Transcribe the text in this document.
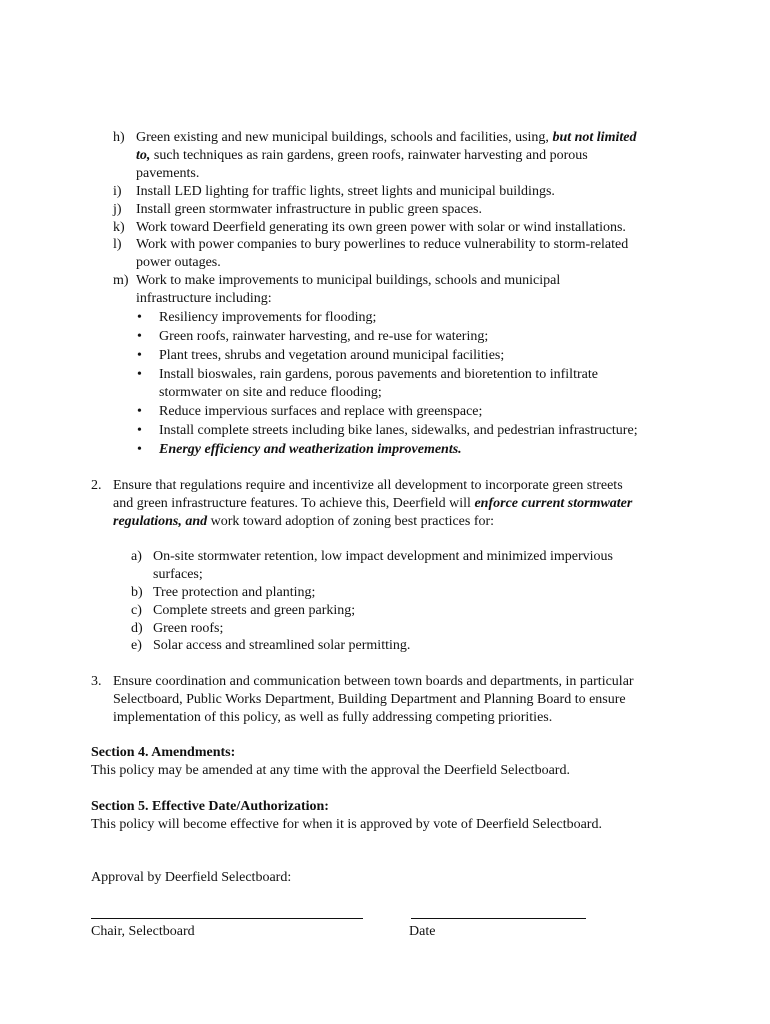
h) Green existing and new municipal buildings, schools and facilities, using, but not limited
to, such techniques as rain gardens, green roofs, rainwater harvesting and porous
pavements.
i) Install LED lighting for traffic lights, street lights and municipal buildings.
j) Install green stormwater infrastructure in public green spaces.
k) Work toward Deerfield generating its own green power with solar or wind installations.
l) Work with power companies to bury powerlines to reduce vulnerability to storm-related
power outages.
m) Work to make improvements to municipal buildings, schools and municipal
infrastructure including:
• Resiliency improvements for flooding;
• Green roofs, rainwater harvesting, and re-use for watering;
• Plant trees, shrubs and vegetation around municipal facilities;
• Install bioswales, rain gardens, porous pavements and bioretention to infiltrate
stormwater on site and reduce flooding;
• Reduce impervious surfaces and replace with greenspace;
• Install complete streets including bike lanes, sidewalks, and pedestrian infrastructure;
• Energy efficiency and weatherization improvements.
2. Ensure that regulations require and incentivize all development to incorporate green streets
and green infrastructure features. To achieve this, Deerfield will enforce current stormwater
regulations, and work toward adoption of zoning best practices for:
a) On-site stormwater retention, low impact development and minimized impervious
surfaces;
b) Tree protection and planting;
c) Complete streets and green parking;
d) Green roofs;
e) Solar access and streamlined solar permitting.
3. Ensure coordination and communication between town boards and departments, in particular
Selectboard, Public Works Department, Building Department and Planning Board to ensure
implementation of this policy, as well as fully addressing competing priorities.
Section 4. Amendments:
This policy may be amended at any time with the approval the Deerfield Selectboard.
Section 5. Effective Date/Authorization:
This policy will become effective for when it is approved by vote of Deerfield Selectboard.
Approval by Deerfield Selectboard:
Chair, Selectboard	Date
